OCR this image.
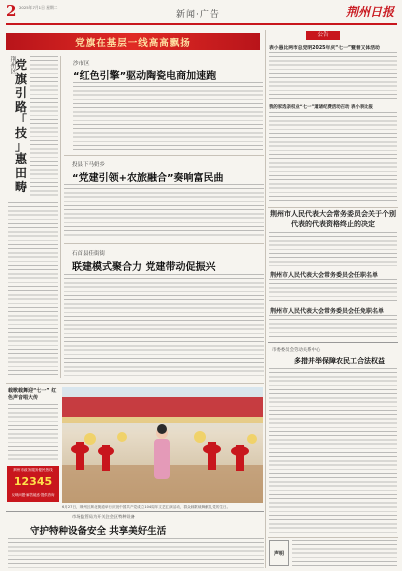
2 2025年7月1日 星期二
新闻·广告	荆州日报
党旗在基层一线高高飘扬
荆州区
党
旗
引
路
「
技
」
惠
田
畴
沙市区
“红色引擎”驱动陶瓷电商加速跑
投县下马奶乡
“党建引领+农旅融合”奏响富民曲
石首县佳街街
联建模式聚合力 党建带动促振兴
载歌载舞迎“七一” 红色声音唱大传
荆州市政务服务便民热线
12345
反映问题·解答疑惑·提供咨询
6月27日，荆州区荆北街道举行庆祝中国共产党成立104周年文艺汇演活动，群众载歌载舞献礼党的生日。
市场监管局为开关注会区特种设备
守护特种设备安全 共享美好生活
公告
表小悬比两市总党明2025年庆“七一”暨普又体活动
我的家选亲权业“七一”道诸纪费活动召动 表小表比报
荆州市人民代表大会常务委员会关于个别代表的代表资格终止的决定
荆州市人民代表大会常务委员会任职名单
荆州市人民代表大会常务委员会任免职名单
市委委员会劳动关系中心
多措并举保障农民工合法权益
声明
